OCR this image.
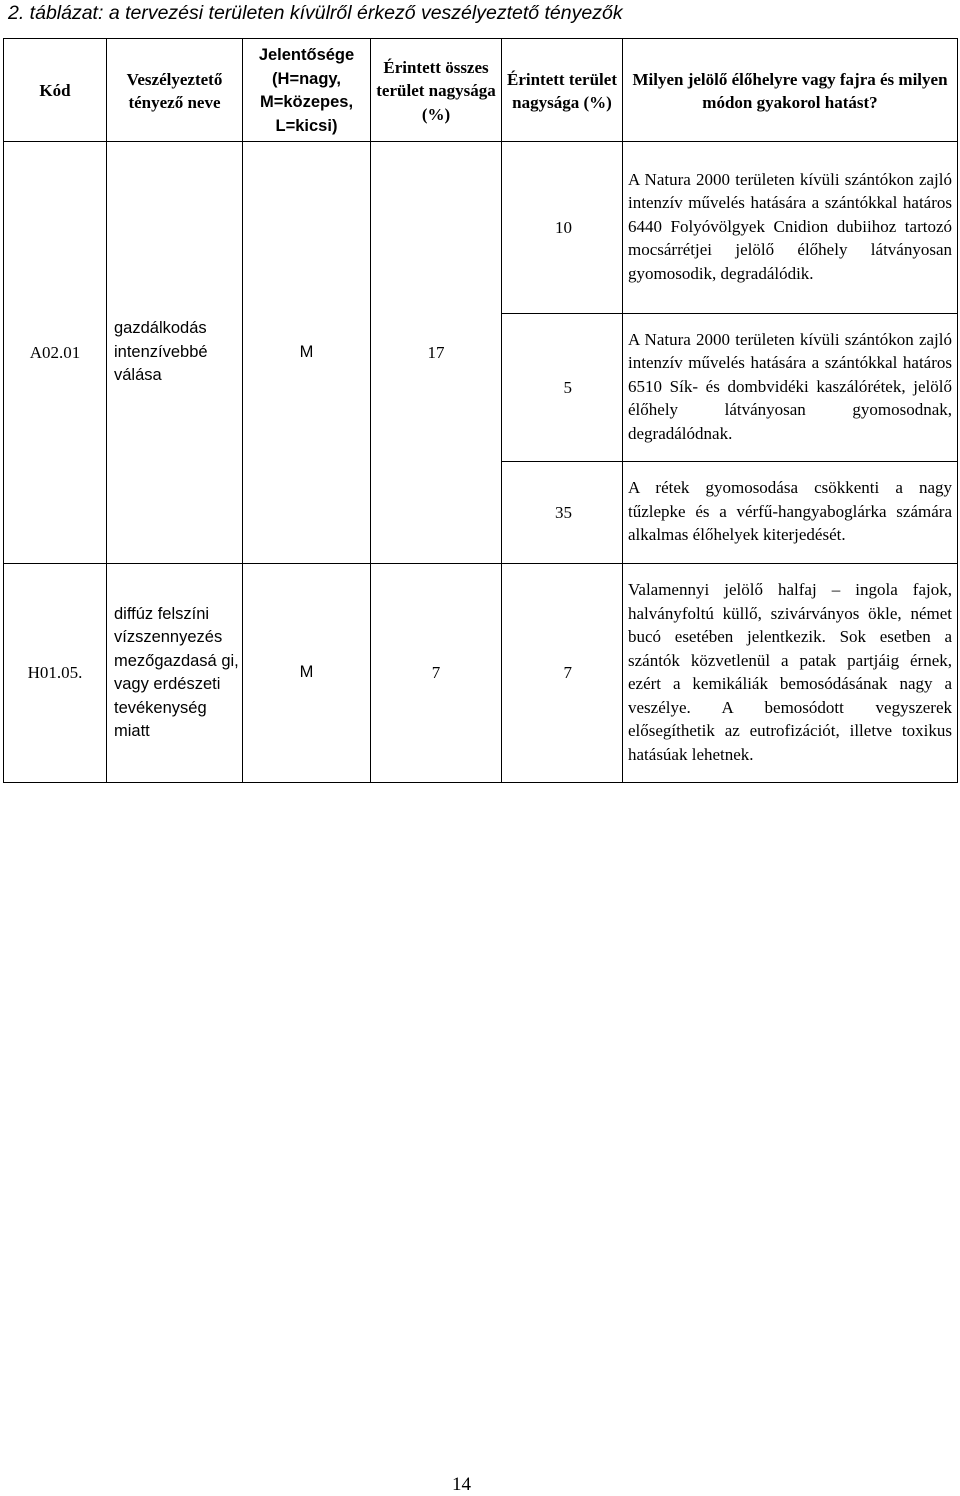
2. táblázat: a tervezési területen kívülről érkező veszélyeztető tényezők
Kód	Veszélyeztető tényező neve	Jelentősége (H=nagy, M=közepes, L=kicsi)	Érintett összes terület nagysága (%)	Érintett terület nagysága (%)	Milyen jelölő élőhelyre vagy fajra és milyen módon gyakorol hatást?
A02.01	gazdálkodás intenzívebbé válása	M	17	10	A Natura 2000 területen kívüli szántókon zajló intenzív művelés hatására a szántókkal határos 6440 Folyóvölgyek Cnidion dubiihoz tartozó mocsárrétjei jelölő élőhely látványosan gyomosodik, degradálódik.
				5	A Natura 2000 területen kívüli szántókon zajló intenzív művelés hatására a szántókkal határos 6510 Sík- és dombvidéki kaszálórétek, jelölő élőhely látványosan gyomosodnak, degradálódnak.
				35	A rétek gyomosodása csökkenti a nagy tűzlepke és a vérfű-hangyaboglárka számára alkalmas élőhelyek kiterjedését.
H01.05.	diffúz felszíni vízszennyezés mezőgazdasá gi, vagy erdészeti tevékenység miatt	M	7	7	Valamennyi jelölő halfaj – ingola fajok, halványfoltú küllő, szivárványos ökle, német bucó esetében jelentkezik. Sok esetben a szántók közvetlenül a patak partjáig érnek, ezért a kemikáliák bemosódásának nagy a veszélye. A bemosódott vegyszerek elősegíthetik az eutrofizációt, illetve toxikus hatásúak lehetnek.
14
